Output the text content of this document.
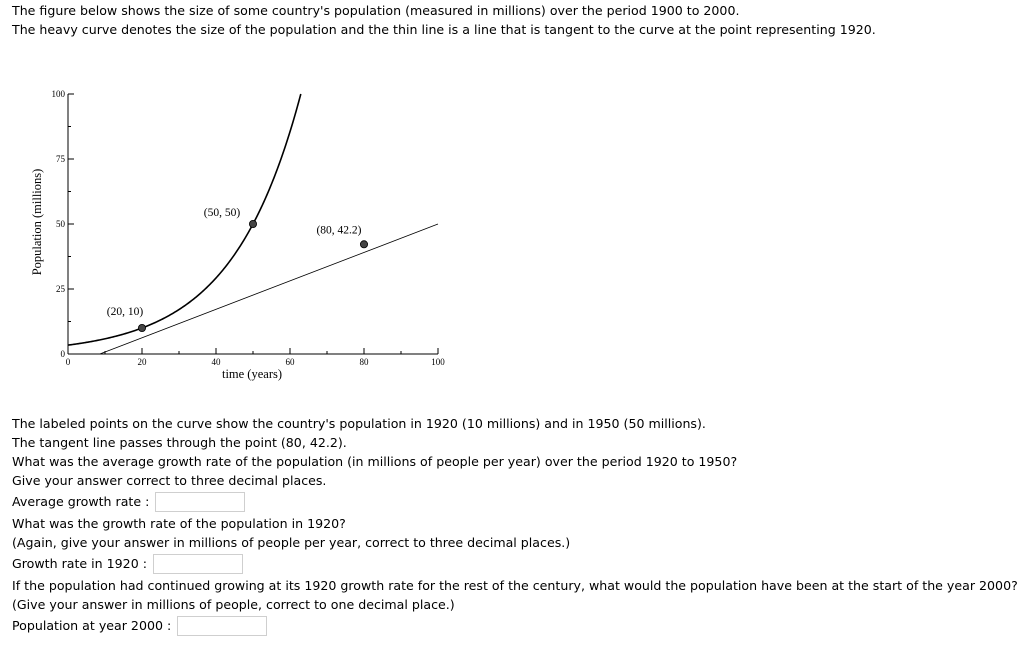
The figure below shows the size of some country's population (measured in millions) over the period 1900 to 2000.
The heavy curve denotes the size of the population and the thin line is a line that is tangent to the curve at the point representing 1920.
0	20	40	60	80	100
0
25
50
75
100
(20, 10)
(50, 50)
(80, 42.2)
time (years)
Population (millions)
The labeled points on the curve show the country's population in 1920 (10 millions) and in 1950 (50 millions).
The tangent line passes through the point (80, 42.2).
What was the average growth rate of the population (in millions of people per year) over the period 1920 to 1950?
Give your answer correct to three decimal places.
Average growth rate :
What was the growth rate of the population in 1920?
(Again, give your answer in millions of people per year, correct to three decimal places.)
Growth rate in 1920 :
If the population had continued growing at its 1920 growth rate for the rest of the century, what would the population have been at the start of the year 2000?
(Give your answer in millions of people, correct to one decimal place.)
Population at year 2000 :
